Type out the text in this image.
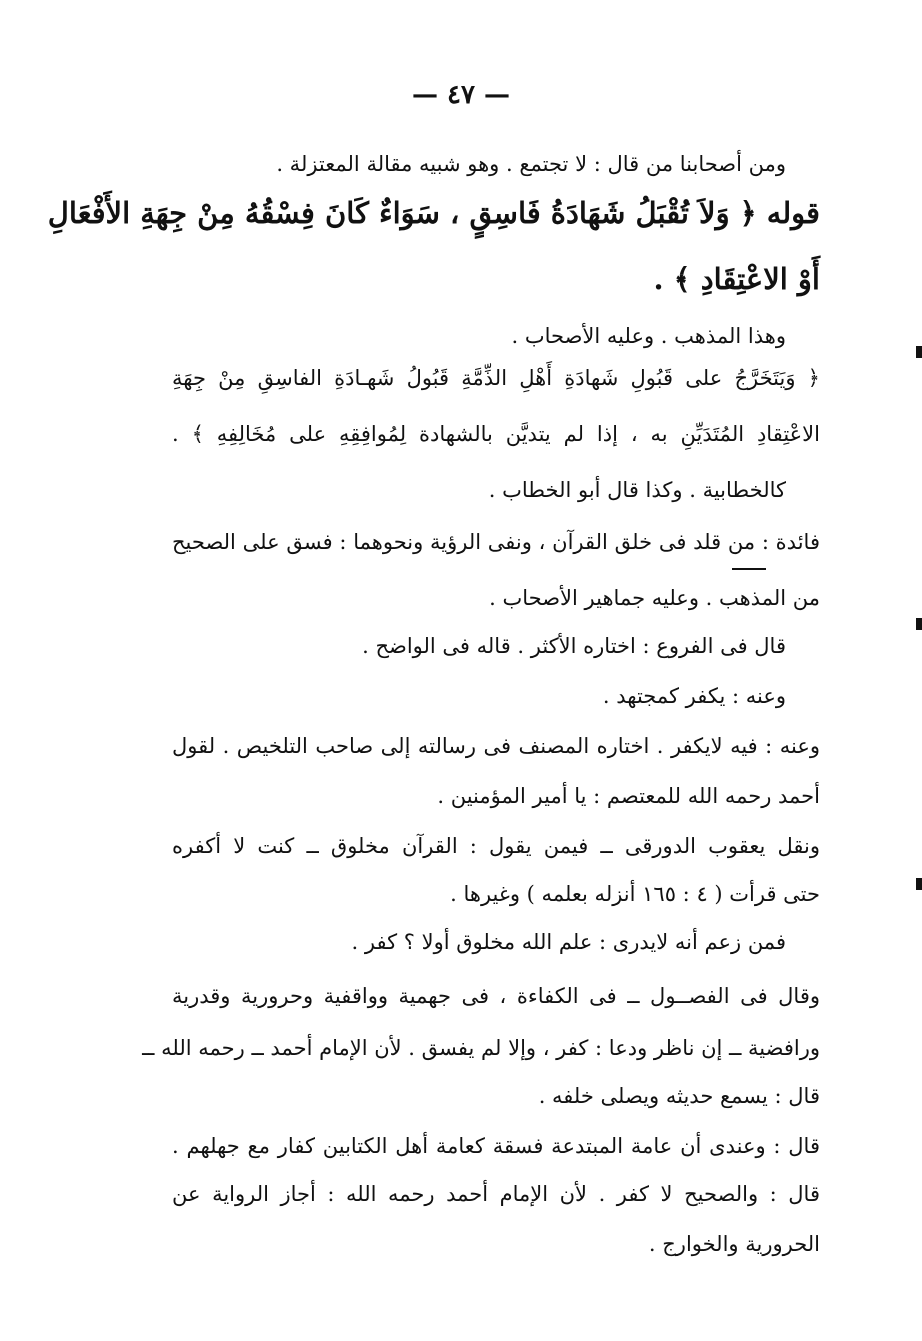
— ٤٧ —
ومن أصحابنا من قال : لا تجتمع . وهو شبيه مقالة المعتزلة .
قوله ﴿ وَلاَ تُقْبَلُ شَهَادَةُ فَاسِقٍ ، سَوَاءٌ كَانَ فِسْقُهُ مِنْ جِهَةِ الأَفْعَالِ
أَوْ الاعْتِقَادِ ﴾ .
وهذا المذهب . وعليه الأصحاب .
﴿ وَيَتَخَرَّجُ على قَبُولِ شَهادَةِ أَهْلِ الذِّمَّةِ قَبُولُ شَهـادَةِ الفاسِقِ مِنْ جِهَةِ
الاعْتِقادِ المُتَدَيِّنِ به ، إذا لم يتديَّن بالشهادة لِمُوافِقِهِ على مُخَالِفِهِ ﴾ .
كالخطابية . وكذا قال أبو الخطاب .
فائدة : من قلد فى خلق القرآن ، ونفى الرؤية ونحوهما : فسق على الصحيح
من المذهب . وعليه جماهير الأصحاب .
قال فى الفروع : اختاره الأكثر . قاله فى الواضح .
وعنه : يكفر كمجتهد .
وعنه : فيه لايكفر . اختاره المصنف فى رسالته إلى صاحب التلخيص . لقول
أحمد رحمه الله للمعتصم : يا أمير المؤمنين .
ونقل يعقوب الدورقى ــ فيمن يقول : القرآن مخلوق ــ كنت لا أكفره
حتى قرأت ( ٤ : ١٦٥ أنزله بعلمه ) وغيرها .
فمن زعم أنه لايدرى : علم الله مخلوق أولا ؟ كفر .
وقال فى الفصــول ــ فى الكفاءة ، فى جهمية وواقفية وحرورية وقدرية
ورافضية ــ إن ناظر ودعا : كفر ، وإلا لم يفسق . لأن الإمام أحمد ــ رحمه الله ــ
قال : يسمع حديثه ويصلى خلفه .
قال : وعندى أن عامة المبتدعة فسقة كعامة أهل الكتابين كفار مع جهلهم .
قال : والصحيح لا كفر . لأن الإمام أحمد رحمه الله : أجاز الرواية عن
الحرورية والخوارج .
